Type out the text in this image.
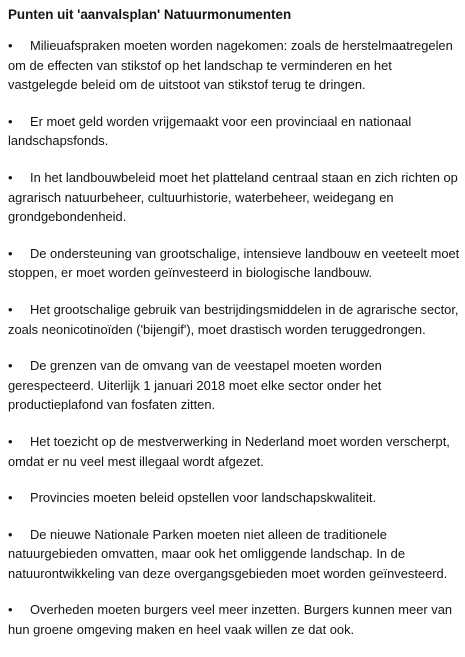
Punten uit 'aanvalsplan' Natuurmonumenten
• Milieuafspraken moeten worden nagekomen: zoals de herstelmaatregelen om de effecten van stikstof op het landschap te verminderen en het vastgelegde beleid om de uitstoot van stikstof terug te dringen.
• Er moet geld worden vrijgemaakt voor een provinciaal en nationaal landschapsfonds.
• In het landbouwbeleid moet het platteland centraal staan en zich richten op agrarisch natuurbeheer, cultuurhistorie, waterbeheer, weidegang en grondgebondenheid.
• De ondersteuning van grootschalige, intensieve landbouw en veeteelt moet stoppen, er moet worden geïnvesteerd in biologische landbouw.
• Het grootschalige gebruik van bestrijdingsmiddelen in de agrarische sector, zoals neonicotinoïden ('bijengif'), moet drastisch worden teruggedrongen.
• De grenzen van de omvang van de veestapel moeten worden gerespecteerd. Uiterlijk 1 januari 2018 moet elke sector onder het productieplafond van fosfaten zitten.
• Het toezicht op de mestverwerking in Nederland moet worden verscherpt, omdat er nu veel mest illegaal wordt afgezet.
• Provincies moeten beleid opstellen voor landschapskwaliteit.
• De nieuwe Nationale Parken moeten niet alleen de traditionele natuurgebieden omvatten, maar ook het omliggende landschap. In de natuurontwikkeling van deze overgangsgebieden moet worden geïnvesteerd.
• Overheden moeten burgers veel meer inzetten. Burgers kunnen meer van hun groene omgeving maken en heel vaak willen ze dat ook.
